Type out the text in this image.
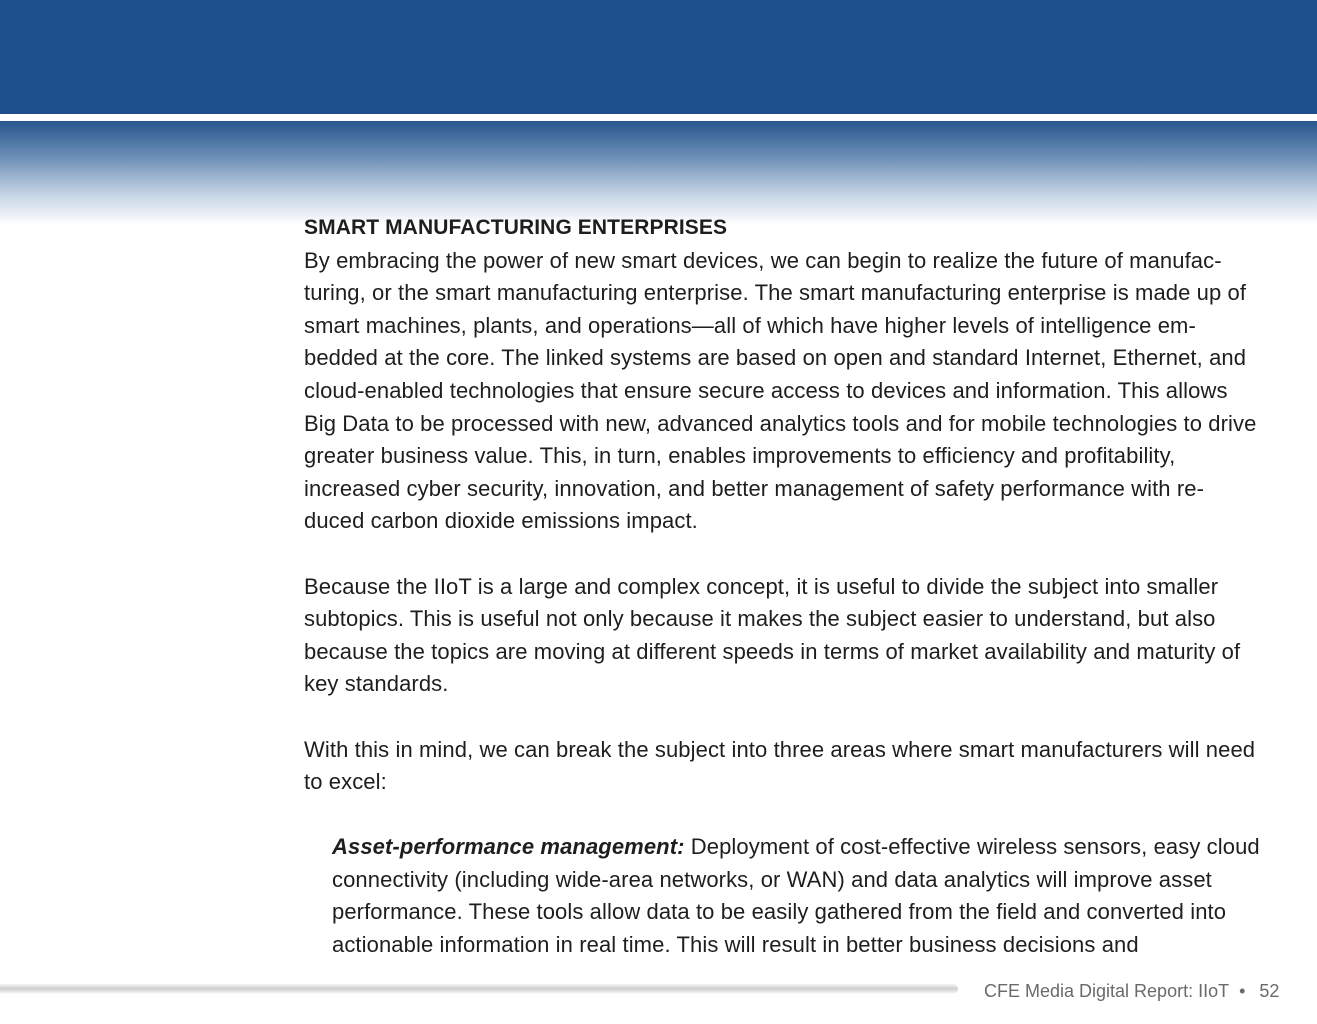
SMART MANUFACTURING ENTERPRISES

By embracing the power of new smart devices, we can begin to realize the future of manufac-turing, or the smart manufacturing enterprise. The smart manufacturing enterprise is made up of smart machines, plants, and operations—all of which have higher levels of intelligence em-bedded at the core. The linked systems are based on open and standard Internet, Ethernet, and cloud-enabled technologies that ensure secure access to devices and information. This allows Big Data to be processed with new, advanced analytics tools and for mobile technologies to drive greater business value. This, in turn, enables improvements to efficiency and profitability, increased cyber security, innovation, and better management of safety performance with re-duced carbon dioxide emissions impact.

Because the IIoT is a large and complex concept, it is useful to divide the subject into smaller subtopics. This is useful not only because it makes the subject easier to understand, but also because the topics are moving at different speeds in terms of market availability and maturity of key standards.

With this in mind, we can break the subject into three areas where smart manufacturers will need to excel:

Asset-performance management: Deployment of cost-effective wireless sensors, easy cloud connectivity (including wide-area networks, or WAN) and data analytics will improve asset performance. These tools allow data to be easily gathered from the field and converted into actionable information in real time. This will result in better business decisions and

CFE Media Digital Report: IIoT • 52
